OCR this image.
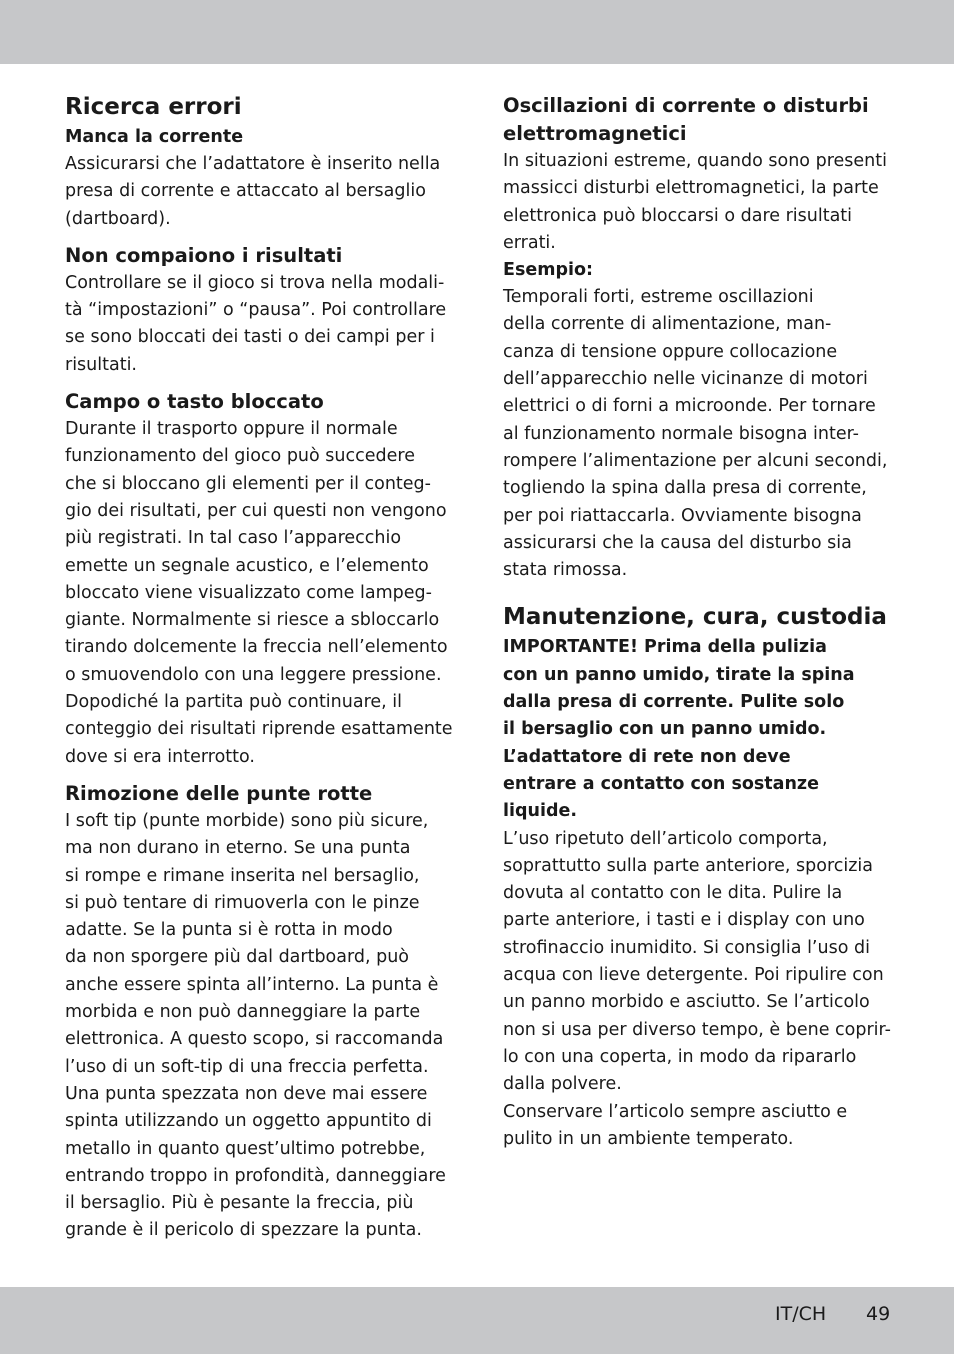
Ricerca errori
Manca la corrente

Assicurarsi che l’adattatore è inserito nella
presa di corrente e attaccato al bersaglio
(dartboard).

Non compaiono i risultati

Controllare se il gioco si trova nella modali-
tà “impostazioni” o “pausa”. Poi controllare
se sono bloccati dei tasti o dei campi per i
risultati.

Campo o tasto bloccato

Durante il trasporto oppure il normale
funzionamento del gioco può succedere
che si bloccano gli elementi per il conteg-
gio dei risultati, per cui questi non vengono
più registrati. In tal caso l’apparecchio
emette un segnale acustico, e l’elemento
bloccato viene visualizzato come lampeg-
giante. Normalmente si riesce a sbloccarlo
tirando dolcemente la freccia nell’elemento
o smuovendolo con una leggere pressione.
Dopodiché la partita può continuare, il
conteggio dei risultati riprende esattamente
dove si era interrotto.

Rimozione delle punte rotte

I soft tip (punte morbide) sono più sicure,
ma non durano in eterno. Se una punta
si rompe e rimane inserita nel bersaglio,
si può tentare di rimuoverla con le pinze
adatte. Se la punta si è rotta in modo
da non sporgere più dal dartboard, può
anche essere spinta all’interno. La punta è
morbida e non può danneggiare la parte
elettronica. A questo scopo, si raccomanda
l’uso di un soft-tip di una freccia perfetta.
Una punta spezzata non deve mai essere
spinta utilizzando un oggetto appuntito di
metallo in quanto quest’ultimo potrebbe,
entrando troppo in profondità, danneggiare
il bersaglio. Più è pesante la freccia, più
grande è il pericolo di spezzare la punta.

Oscillazioni di corrente o disturbi
elettromagnetici

In situazioni estreme, quando sono presenti
massicci disturbi elettromagnetici, la parte
elettronica può bloccarsi o dare risultati
errati.

Esempio:

Temporali forti, estreme oscillazioni
della corrente di alimentazione, man-
canza di tensione oppure collocazione
dell’apparecchio nelle vicinanze di motori
elettrici o di forni a microonde. Per tornare
al funzionamento normale bisogna inter-
rompere l’alimentazione per alcuni secondi,
togliendo la spina dalla presa di corrente,
per poi riattaccarla. Ovviamente bisogna
assicurarsi che la causa del disturbo sia
stata rimossa.

Manutenzione, cura, custodia

IMPORTANTE! Prima della pulizia
con un panno umido, tirate la spina
dalla presa di corrente. Pulite solo
il bersaglio con un panno umido.
L’adattatore di rete non deve
entrare a contatto con sostanze
liquide.

L’uso ripetuto dell’articolo comporta,
soprattutto sulla parte anteriore, sporcizia
dovuta al contatto con le dita. Pulire la
parte anteriore, i tasti e i display con uno
strofinaccio inumidito. Si consiglia l’uso di
acqua con lieve detergente. Poi ripulire con
un panno morbido e asciutto. Se l’articolo
non si usa per diverso tempo, è bene coprir-
lo con una coperta, in modo da ripararlo
dalla polvere.

Conservare l’articolo sempre asciutto e
pulito in un ambiente temperato.

IT/CH 49
